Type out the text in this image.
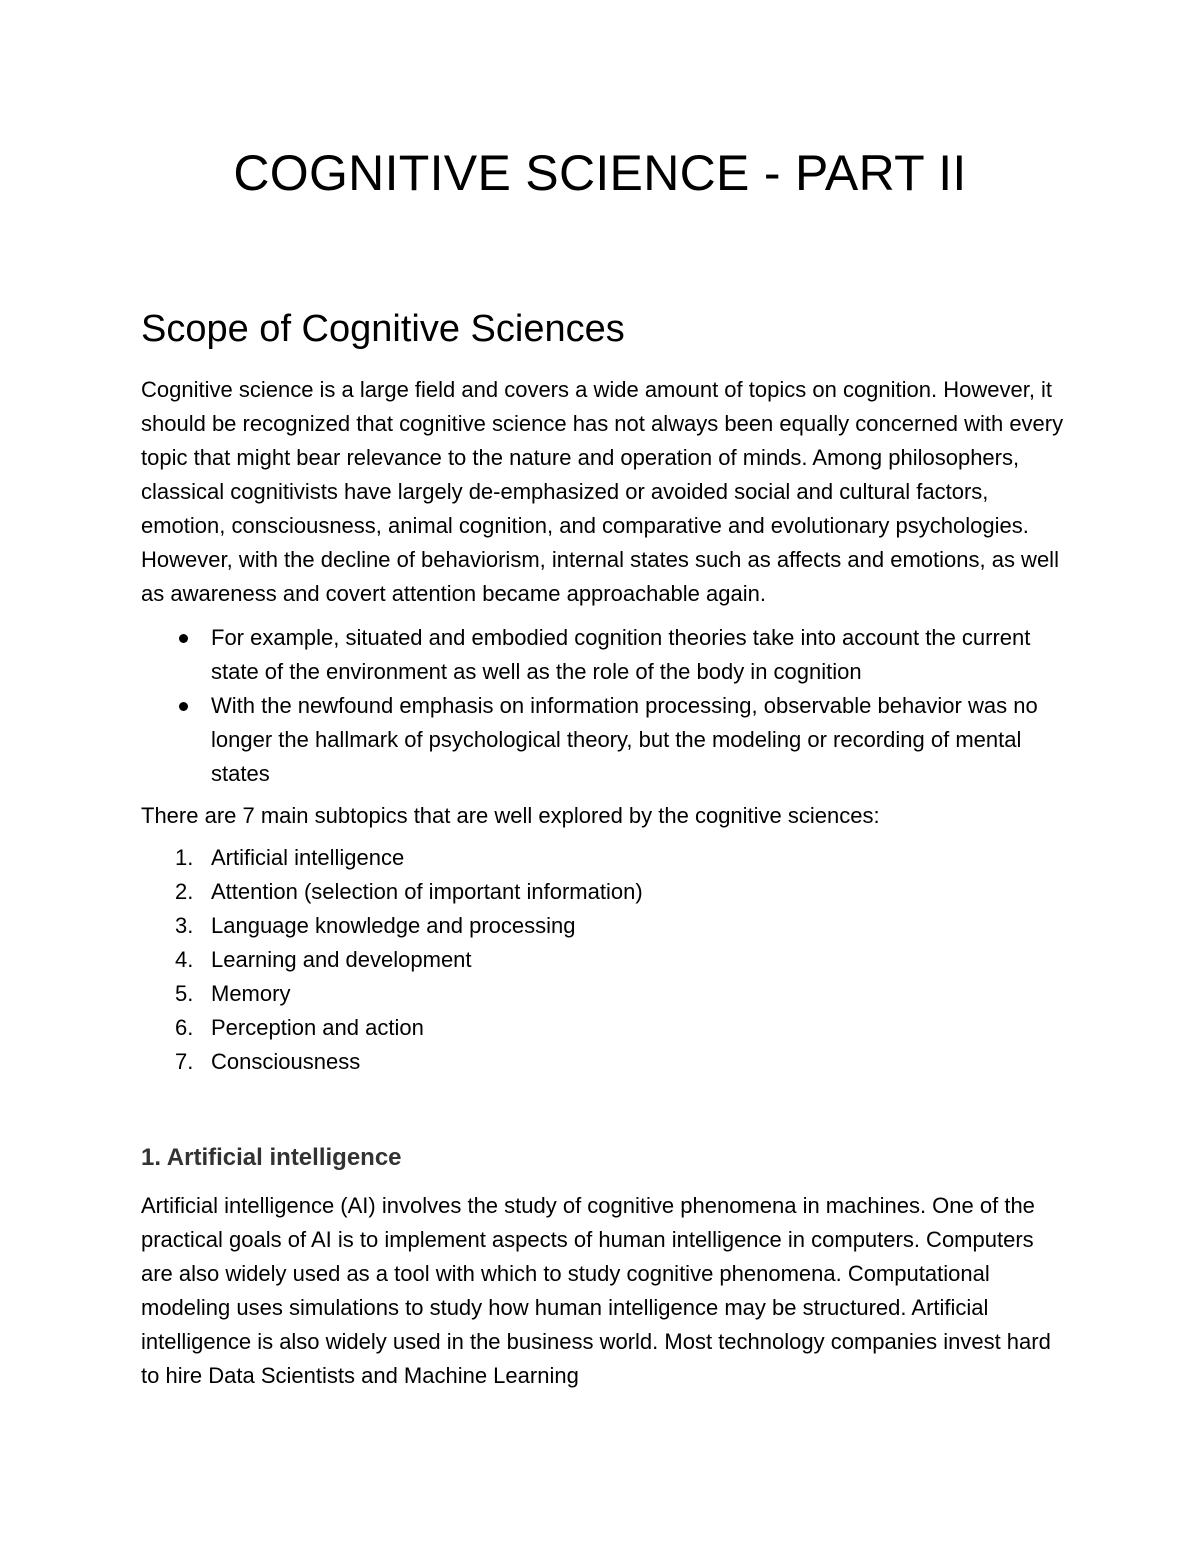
COGNITIVE SCIENCE - PART II
Scope of Cognitive Sciences

Cognitive science is a large field and covers a wide amount of topics on cognition. However, it should be recognized that cognitive science has not always been equally concerned with every topic that might bear relevance to the nature and operation of minds. Among philosophers, classical cognitivists have largely de-emphasized or avoided social and cultural factors, emotion, consciousness, animal cognition, and comparative and evolutionary psychologies. However, with the decline of behaviorism, internal states such as affects and emotions, as well as awareness and covert attention became approachable again.

For example, situated and embodied cognition theories take into account the current state of the environment as well as the role of the body in cognition
With the newfound emphasis on information processing, observable behavior was no longer the hallmark of psychological theory, but the modeling or recording of mental states

There are 7 main subtopics that are well explored by the cognitive sciences:

1. Artificial intelligence
2. Attention (selection of important information)
3. Language knowledge and processing
4. Learning and development
5. Memory
6. Perception and action
7. Consciousness
1. Artificial intelligence

Artificial intelligence (AI) involves the study of cognitive phenomena in machines. One of the practical goals of AI is to implement aspects of human intelligence in computers. Computers are also widely used as a tool with which to study cognitive phenomena. Computational modeling uses simulations to study how human intelligence may be structured. Artificial intelligence is also widely used in the business world. Most technology companies invest hard to hire Data Scientists and Machine Learning
